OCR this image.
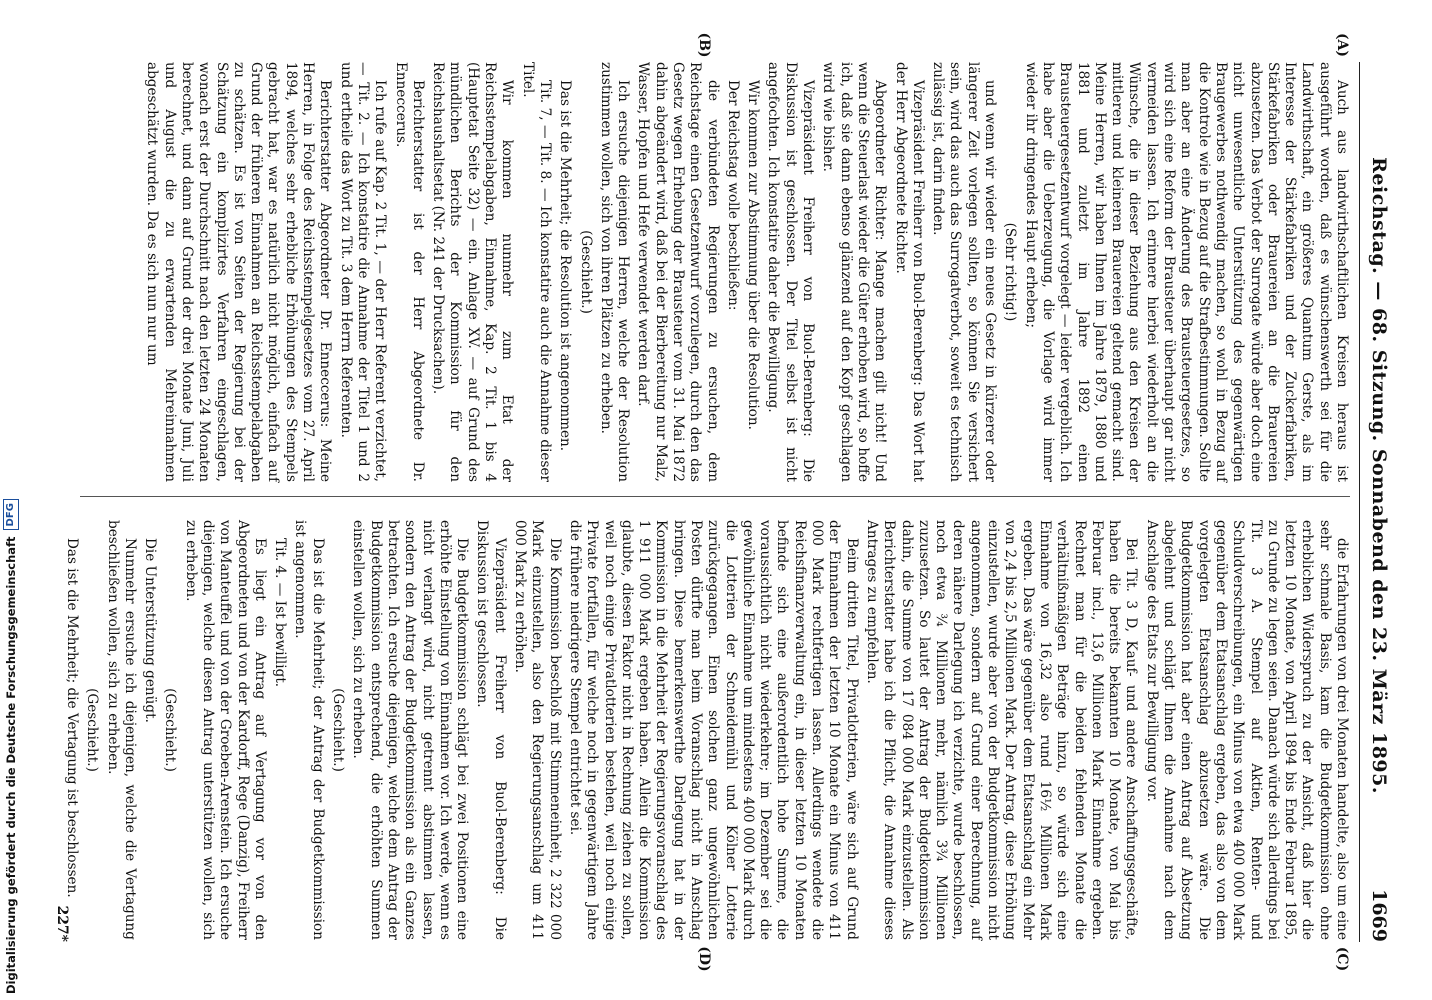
Reichstag. — 68. Sitzung. Sonnabend den 23. März 1895.
1669
(A)
(B)
(C)
(D)

Auch aus landwirthschaftlichen Kreisen heraus ist ausgeführt worden, daß es wünschenswerth sei für die Landwirthschaft, ein größeres Quantum Gerste, als im Interesse der Stärkefabriken und der Zuckerfabriken, Stärkefabriken oder Brauereien an die Brauereien abzusetzen. Das Verbot der Surrogate würde aber doch eine nicht unwesentliche Unterstützung des gegenwärtigen Braugewerbes nothwendig machen, so wohl in Bezug auf die Kontrole wie in Bezug auf die Strafbestimmungen. Sollte man aber an eine Änderung des Brausteuergesetzes, so wird sich eine Reform der Brausteuer überhaupt gar nicht vermeiden lassen. Ich erinnere hierbei wiederholt an die Wünsche, die in dieser Beziehung aus den Kreisen der mittleren und kleineren Brauereien geltend gemacht sind. Meine Herren, wir haben Ihnen im Jahre 1879, 1880 und 1881 und zuletzt im Jahre 1892 einen Brausteuergesetzentwurf vorgelegt — leider vergeblich. Ich habe aber die Ueberzeugung, die Vorlage wird immer wieder ihr dringendes Haupt erheben;

(Sehr richtig!)

und wenn wir wieder ein neues Gesetz in kürzerer oder längerer Zeit vorlegen sollten, so können Sie versichert sein, wird das auch das Surrogatverbot, soweit es technisch zulässig ist, darin finden.

Vizepräsident Freiherr von Buol-Berenberg: Das Wort hat der Herr Abgeordnete Richter.

Abgeordneter Richter: Mange machen gilt nicht! Und wenn die Steuerlast wieder die Güter erhoben wird, so hoffe ich, daß sie dann ebenso glänzend auf den Kopf geschlagen wird wie bisher.

Vizepräsident Freiherr von Buol-Berenberg: Die Diskussion ist geschlossen. Der Titel selbst ist nicht angefochten. Ich konstatire daher die Bewilligung.

Wir kommen zur Abstimmung über die Resolution.

Der Reichstag wolle beschließen:

die verbündeten Regierungen zu ersuchen, dem Reichstage einen Gesetzentwurf vorzulegen, durch den das Gesetz wegen Erhebung der Brausteuer vom 31. Mai 1872 dahin abgeändert wird, daß bei der Bierbereitung nur Malz, Wasser, Hopfen und Hefe verwendet werden darf.

Ich ersuche diejenigen Herren, welche der Resolution zustimmen wollen, sich von ihren Plätzen zu erheben.

(Geschieht.)

Das ist die Mehrheit; die Resolution ist angenommen.

Tit. 7, — Tit. 8. — Ich konstatire auch die Annahme dieser Titel.

Wir kommen nunmehr zum Etat der Reichsstempelabgaben, Einnahme, Kap. 2 Tit. 1 bis 4 (Hauptetat Seite 32) — ein. Anlage XV. — auf Grund des mündlichen Berichts der Kommission für den Reichshaushaltsetat (Nr. 241 der Drucksachen).

Berichterstatter ist der Herr Abgeordnete Dr. Enneccerus.

Ich rufe auf Kap. 2 Tit. 1, — der Herr Referent verzichtet, — Tit. 2. — Ich konstatire die Annahme der Titel 1 und 2 und ertheile das Wort zu Tit. 3 dem Herrn Referenten.

Berichterstatter Abgeordneter Dr. Enneccerus: Meine Herren, in Folge des Reichsstempelgesetzes vom 27. April 1894, welches sehr erhebliche Erhöhungen des Stempels gebracht hat, war es natürlich nicht möglich, einfach auf Grund der früheren Einnahmen an Reichsstempelabgaben zu schätzen. Es ist von Seiten der Regierung bei der Schätzung ein komplizirtes Verfahren eingeschlagen, wonach erst der Durchschnitt nach den letzten 24 Monaten berechnet, und dann auf Grund der drei Monate Juni, Juli und August die zu erwartenden Mehreinnahmen abgeschätzt wurden. Da es sich nun nur um

die Erfahrungen von drei Monaten handelte, also um eine sehr schmale Basis, kam die Budgetkommission ohne erheblichen Widerspruch zu der Ansicht, daß hier die letzten 10 Monate, von April 1894 bis Ende Februar 1895, zu Grunde zu legen seien. Danach würde sich allerdings bei Tit. 3 A. Stempel auf Aktien, Renten- und Schuldverschreibungen, ein Minus von etwa 400 000 Mark gegenüber dem Etatsanschlag ergeben, das also von dem vorgelegten Etatsanschlag abzusetzen wäre. Die Budgetkommission hat aber einen Antrag auf Absetzung abgelehnt und schlägt Ihnen die Annahme nach dem Anschlage des Etats zur Bewilligung vor.

Bei Tit. 3 D, Kauf- und andere Anschaffungsgeschäfte, haben die bereits bekannten 10 Monate, von Mai bis Februar incl., 13,6 Millionen Mark Einnahme ergeben. Rechnet man für die beiden fehlenden Monate die verhältnißmäßigen Beträge hinzu, so würde sich eine Einnahme von 16,32 also rund 16½ Millionen Mark ergeben. Das wäre gegenüber dem Etatsanschlag ein Mehr von 2,4 bis 2,5 Millionen Mark. Der Antrag, diese Erhöhung einzustellen, wurde aber von der Budgetkommission nicht angenommen, sondern auf Grund einer Berechnung, auf deren nähere Darlegung ich verzichte, wurde beschlossen, noch etwa ¾ Millionen mehr, nämlich 3¾ Millionen zuzusetzen. So lautet der Antrag der Budgetkommission dahin, die Summe von 17 084 000 Mark einzustellen. Als Berichterstatter habe ich die Pflicht, die Annahme dieses Antrages zu empfehlen.

Beim dritten Titel, Privatlotterien, wäre sich auf Grund der Einnahmen der letzten 10 Monate ein Minus von 411 000 Mark rechtfertigen lassen. Allerdings wendete die Reichsfinanzverwaltung ein, in dieser letzten 10 Monaten befinde sich eine außerordentlich hohe Summe, die voraussichtlich nicht wiederkehre; im Dezember sei die gewöhnliche Einnahme um mindestens 400 000 Mark durch die Lotterien der Schneidemühl und Kölner Lotterie zurückgegangen. Einen solchen ganz ungewöhnlichen Posten dürfte man beim Voranschlag nicht in Anschlag bringen. Diese bemerkenswerthe Darlegung hat in der Kommission in die Mehrheit der Regierungsvoranschlag des 1 911 000 Mark ergeben haben. Allein die Kommission glaubte, diesen Faktor nicht in Rechnung ziehen zu sollen, weil noch einige Privatlotterien bestehen, weil noch einige Private fortfallen, für welche noch in gegenwärtigem Jahre die frühere niedrigere Stempel entrichtet sei.

Die Kommission beschloß mit Stimmeneinheit, 2 322 000 Mark einzustellen, also den Regierungsanschlag um 411 000 Mark zu erhöhen.

Vizepräsident Freiherr von Buol-Berenberg: Die Diskussion ist geschlossen.

Die Budgetkommission schlägt bei zwei Positionen eine erhöhte Einstellung von Einnahmen vor. Ich werde, wenn es nicht verlangt wird, nicht getrennt abstimmen lassen, sondern den Antrag der Budgetkommission als ein Ganzes betrachten. Ich ersuche diejenigen, welche dem Antrag der Budgetkommission entsprechend, die erhöhten Summen einstellen wollen, sich zu erheben.

(Geschieht.)

Das ist die Mehrheit; der Antrag der Budgetkommission ist angenommen.

Tit. 4. — Ist bewilligt.

Es liegt ein Antrag auf Vertagung vor von den Abgeordneten und von der Kardorff, Rege (Danzig), Freiherr von Manteuffel und von der Groeben-Arenstein. Ich ersuche diejenigen, welche diesen Antrag unterstützen wollen, sich zu erheben.

(Geschieht.)

Die Unterstützung genügt.

Nunmehr ersuche ich diejenigen, welche die Vertagung beschließen wollen, sich zu erheben.

(Geschieht.)

Das ist die Mehrheit; die Vertagung ist beschlossen.

227*
Digitalisierung gefördert durch die Deutsche Forschungsgemeinschaft
DFG
